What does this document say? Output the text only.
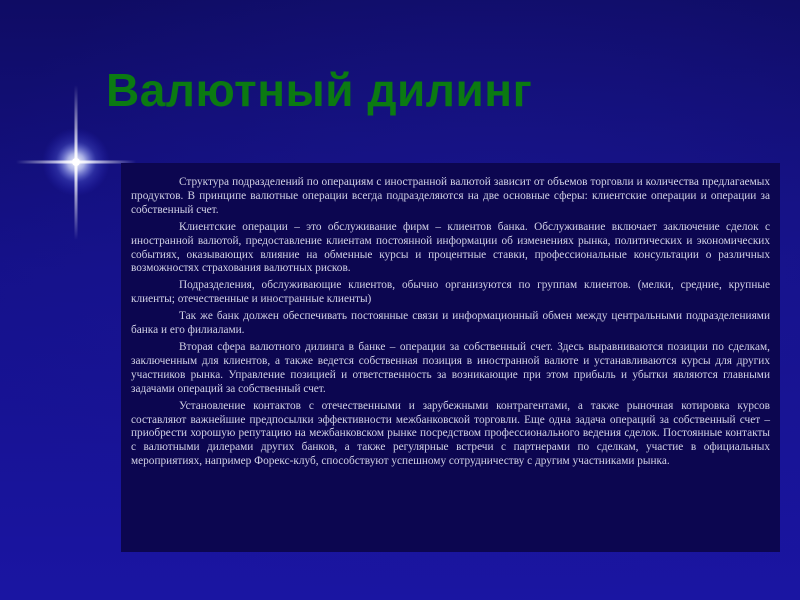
Валютный дилинг

Структура подразделений по операциям с иностранной валютой зависит от объемов торговли и количества предлагаемых продуктов. В принципе валютные операции всегда подразделяются на две основные сферы: клиентские операции и операции за собственный счет.

Клиентские операции – это обслуживание фирм – клиентов банка. Обслуживание включает заключение сделок с иностранной валютой, предоставление клиентам постоянной информации об изменениях рынка, политических и экономических событиях, оказывающих влияние на обменные курсы и процентные ставки, профессиональные консультации о различных возможностях страхования валютных рисков.

Подразделения, обслуживающие клиентов, обычно организуются по группам клиентов. (мелки, средние, крупные клиенты; отечественные и иностранные клиенты)

Так же банк должен обеспечивать постоянные связи и информационный обмен между центральными подразделениями банка и его филиалами.

Вторая сфера валютного дилинга в банке – операции за собственный счет. Здесь выравниваются позиции по сделкам, заключенным для клиентов, а также ведется собственная позиция в иностранной валюте и устанавливаются курсы для других участников рынка. Управление позицией и ответственность за возникающие при этом прибыль и убытки являются главными задачами операций за собственный счет.

Установление контактов с отечественными и зарубежными контрагентами, а также рыночная котировка курсов составляют важнейшие предпосылки эффективности межбанковской торговли. Еще одна задача операций за собственный счет – приобрести хорошую репутацию на межбанковском рынке посредством профессионального ведения сделок. Постоянные контакты с валютными дилерами других банков, а также регулярные встречи с партнерами по сделкам, участие в официальных мероприятиях, например Форекс-клуб, способствуют успешному сотрудничеству с другим участниками рынка.
